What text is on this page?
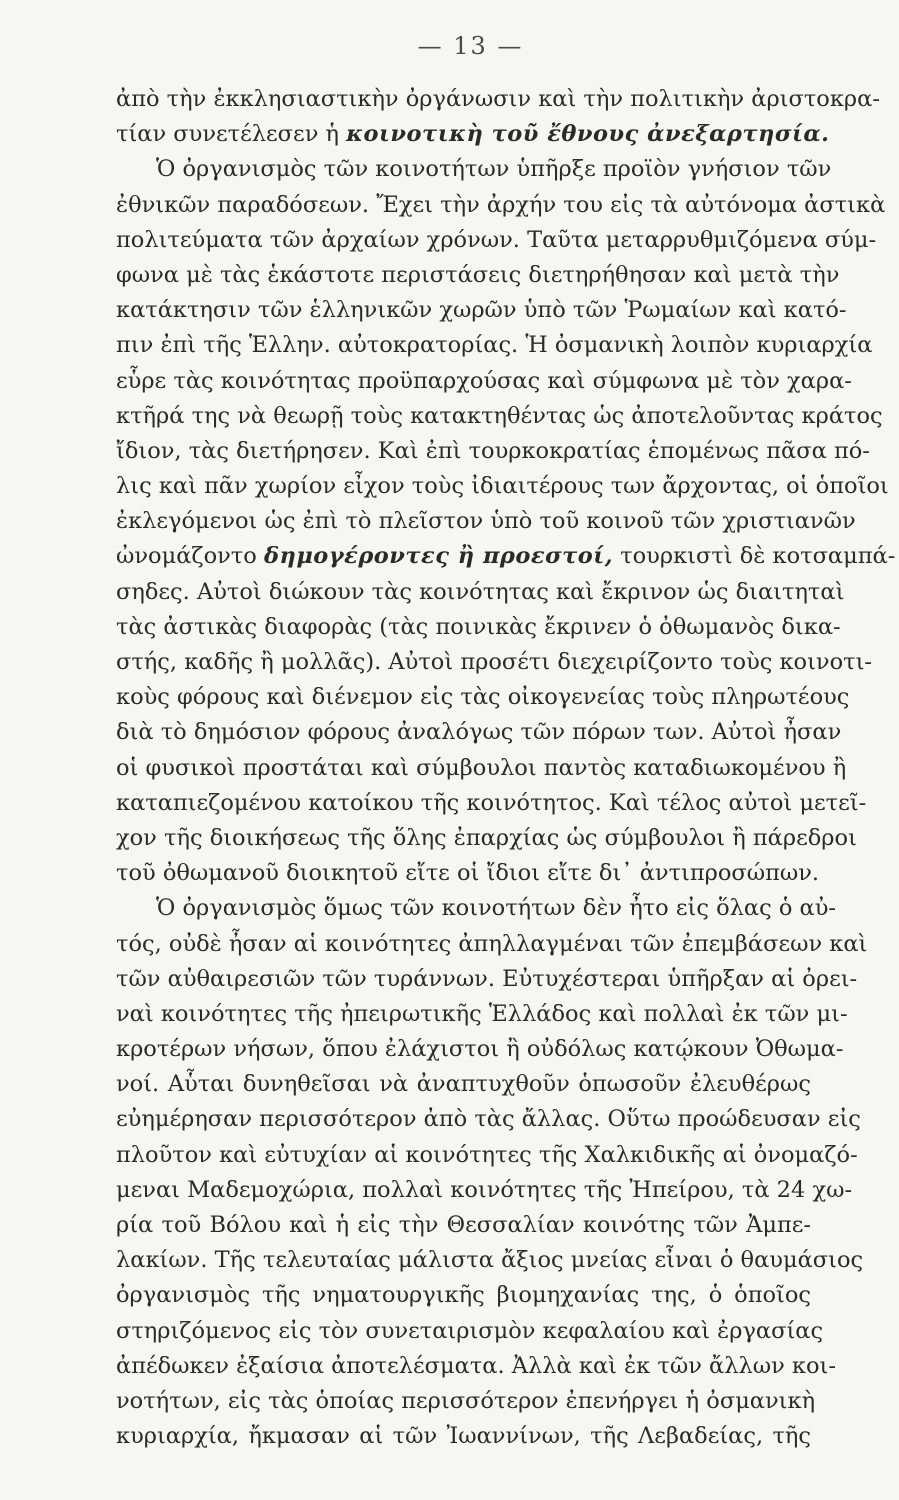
— 13 —
ἀπὸ τὴν ἐκκλησιαστικὴν ὀργάνωσιν καὶ τὴν πολιτικὴν ἀριστοκρα-
τίαν συνετέλεσεν ἡ κοινοτικὴ τοῦ ἔθνους ἀνεξαρτησία.
Ὁ ὀργανισμὸς τῶν κοινοτήτων ὑπῆρξε προϊὸν γνήσιον τῶν
ἐθνικῶν παραδόσεων. Ἔχει τὴν ἀρχήν του εἰς τὰ αὐτόνομα ἀστικὰ
πολιτεύματα τῶν ἀρχαίων χρόνων. Ταῦτα μεταρρυθμιζόμενα σύμ-
φωνα μὲ τὰς ἑκάστοτε περιστάσεις διετηρήθησαν καὶ μετὰ τὴν
κατάκτησιν τῶν ἑλληνικῶν χωρῶν ὑπὸ τῶν Ῥωμαίων καὶ κατό-
πιν ἐπὶ τῆς Ἑλλην. αὐτοκρατορίας. Ἡ ὀσμανικὴ λοιπὸν κυριαρχία
εὗρε τὰς κοινότητας προϋπαρχούσας καὶ σύμφωνα μὲ τὸν χαρα-
κτῆρά της νὰ θεωρῇ τοὺς κατακτηθέντας ὡς ἀποτελοῦντας κράτος
ἴδιον, τὰς διετήρησεν. Καὶ ἐπὶ τουρκοκρατίας ἑπομένως πᾶσα πό-
λις καὶ πᾶν χωρίον εἶχον τοὺς ἰδιαιτέρους των ἄρχοντας, οἱ ὁποῖοι
ἐκλεγόμενοι ὡς ἐπὶ τὸ πλεῖστον ὑπὸ τοῦ κοινοῦ τῶν χριστιανῶν
ὠνομάζοντο δημογέροντες ἢ προεστοί, τουρκιστὶ δὲ κοτσαμπά-
σηδες. Αὐτοὶ διώκουν τὰς κοινότητας καὶ ἔκρινον ὡς διαιτηταὶ
τὰς ἀστικὰς διαφορὰς (τὰς ποινικὰς ἔκρινεν ὁ ὀθωμανὸς δικα-
στής, καδῆς ἢ μολλᾶς). Αὐτοὶ προσέτι διεχειρίζοντο τοὺς κοινοτι-
κοὺς φόρους καὶ διένεμον εἰς τὰς οἰκογενείας τοὺς πληρωτέους
διὰ τὸ δημόσιον φόρους ἀναλόγως τῶν πόρων των. Αὐτοὶ ἦσαν
οἱ φυσικοὶ προστάται καὶ σύμβουλοι παντὸς καταδιωκομένου ἢ
καταπιεζομένου κατοίκου τῆς κοινότητος. Καὶ τέλος αὐτοὶ μετεῖ-
χον τῆς διοικήσεως τῆς ὅλης ἐπαρχίας ὡς σύμβουλοι ἢ πάρεδροι
τοῦ ὀθωμανοῦ διοικητοῦ εἴτε οἱ ἴδιοι εἴτε δι᾽ ἀντιπροσώπων.
Ὁ ὀργανισμὸς ὅμως τῶν κοινοτήτων δὲν ἦτο εἰς ὅλας ὁ αὐ-
τός, οὐδὲ ἦσαν αἱ κοινότητες ἀπηλλαγμέναι τῶν ἐπεμβάσεων καὶ
τῶν αὐθαιρεσιῶν τῶν τυράννων. Εὐτυχέστεραι ὑπῆρξαν αἱ ὀρει-
ναὶ κοινότητες τῆς ἠπειρωτικῆς Ἑλλάδος καὶ πολλαὶ ἐκ τῶν μι-
κροτέρων νήσων, ὅπου ἐλάχιστοι ἢ οὐδόλως κατῴκουν Ὀθωμα-
νοί. Αὗται δυνηθεῖσαι νὰ ἀναπτυχθοῦν ὁπωσοῦν ἐλευθέρως
εὐημέρησαν περισσότερον ἀπὸ τὰς ἄλλας. Οὕτω προώδευσαν εἰς
πλοῦτον καὶ εὐτυχίαν αἱ κοινότητες τῆς Χαλκιδικῆς αἱ ὀνομαζό-
μεναι Μαδεμοχώρια, πολλαὶ κοινότητες τῆς Ἠπείρου, τὰ 24 χω-
ρία τοῦ Βόλου καὶ ἡ εἰς τὴν Θεσσαλίαν κοινότης τῶν Ἀμπε-
λακίων. Τῆς τελευταίας μάλιστα ἄξιος μνείας εἶναι ὁ θαυμάσιος
ὀργανισμὸς τῆς νηματουργικῆς βιομηχανίας της, ὁ ὁποῖος
στηριζόμενος εἰς τὸν συνεταιρισμὸν κεφαλαίου καὶ ἐργασίας
ἀπέδωκεν ἐξαίσια ἀποτελέσματα. Ἀλλὰ καὶ ἐκ τῶν ἄλλων κοι-
νοτήτων, εἰς τὰς ὁποίας περισσότερον ἐπενήργει ἡ ὀσμανικὴ
κυριαρχία, ἤκμασαν αἱ τῶν Ἰωαννίνων, τῆς Λεβαδείας, τῆς
